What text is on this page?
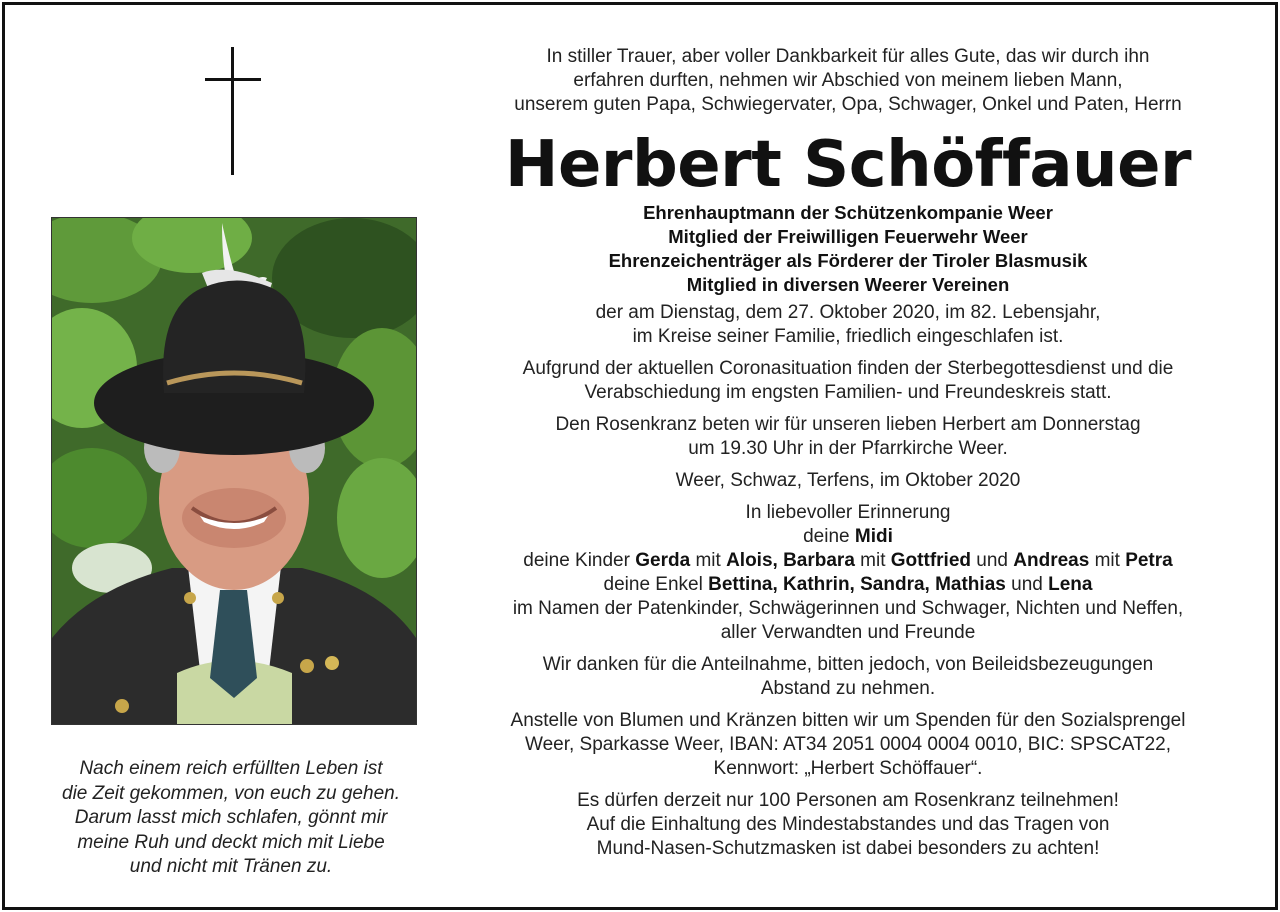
Nach einem reich erfüllten Leben ist
die Zeit gekommen, von euch zu gehen.
Darum lasst mich schlafen, gönnt mir
meine Ruh und deckt mich mit Liebe
und nicht mit Tränen zu.
In stiller Trauer, aber voller Dankbarkeit für alles Gute, das wir durch ihn
erfahren durften, nehmen wir Abschied von meinem lieben Mann,
unserem guten Papa, Schwiegervater, Opa, Schwager, Onkel und Paten, Herrn
Herbert Schöffauer
Ehrenhauptmann der Schützenkompanie Weer
Mitglied der Freiwilligen Feuerwehr Weer
Ehrenzeichenträger als Förderer der Tiroler Blasmusik
Mitglied in diversen Weerer Vereinen
der am Dienstag, dem 27. Oktober 2020, im 82. Lebensjahr,
im Kreise seiner Familie, friedlich eingeschlafen ist.
Aufgrund der aktuellen Coronasituation finden der Sterbegottesdienst und die
Verabschiedung im engsten Familien- und Freundeskreis statt.
Den Rosenkranz beten wir für unseren lieben Herbert am Donnerstag
um 19.30 Uhr in der Pfarrkirche Weer.
Weer, Schwaz, Terfens, im Oktober 2020
In liebevoller Erinnerung
deine Midi
deine Kinder Gerda mit Alois, Barbara mit Gottfried und Andreas mit Petra
deine Enkel Bettina, Kathrin, Sandra, Mathias und Lena
im Namen der Patenkinder, Schwägerinnen und Schwager, Nichten und Neffen,
aller Verwandten und Freunde
Wir danken für die Anteilnahme, bitten jedoch, von Beileidsbezeugungen
Abstand zu nehmen.
Anstelle von Blumen und Kränzen bitten wir um Spenden für den Sozialsprengel
Weer, Sparkasse Weer, IBAN: AT34 2051 0004 0004 0010, BIC: SPSCAT22,
Kennwort: „Herbert Schöffauer“.
Es dürfen derzeit nur 100 Personen am Rosenkranz teilnehmen!
Auf die Einhaltung des Mindestabstandes und das Tragen von
Mund-Nasen-Schutzmasken ist dabei besonders zu achten!
